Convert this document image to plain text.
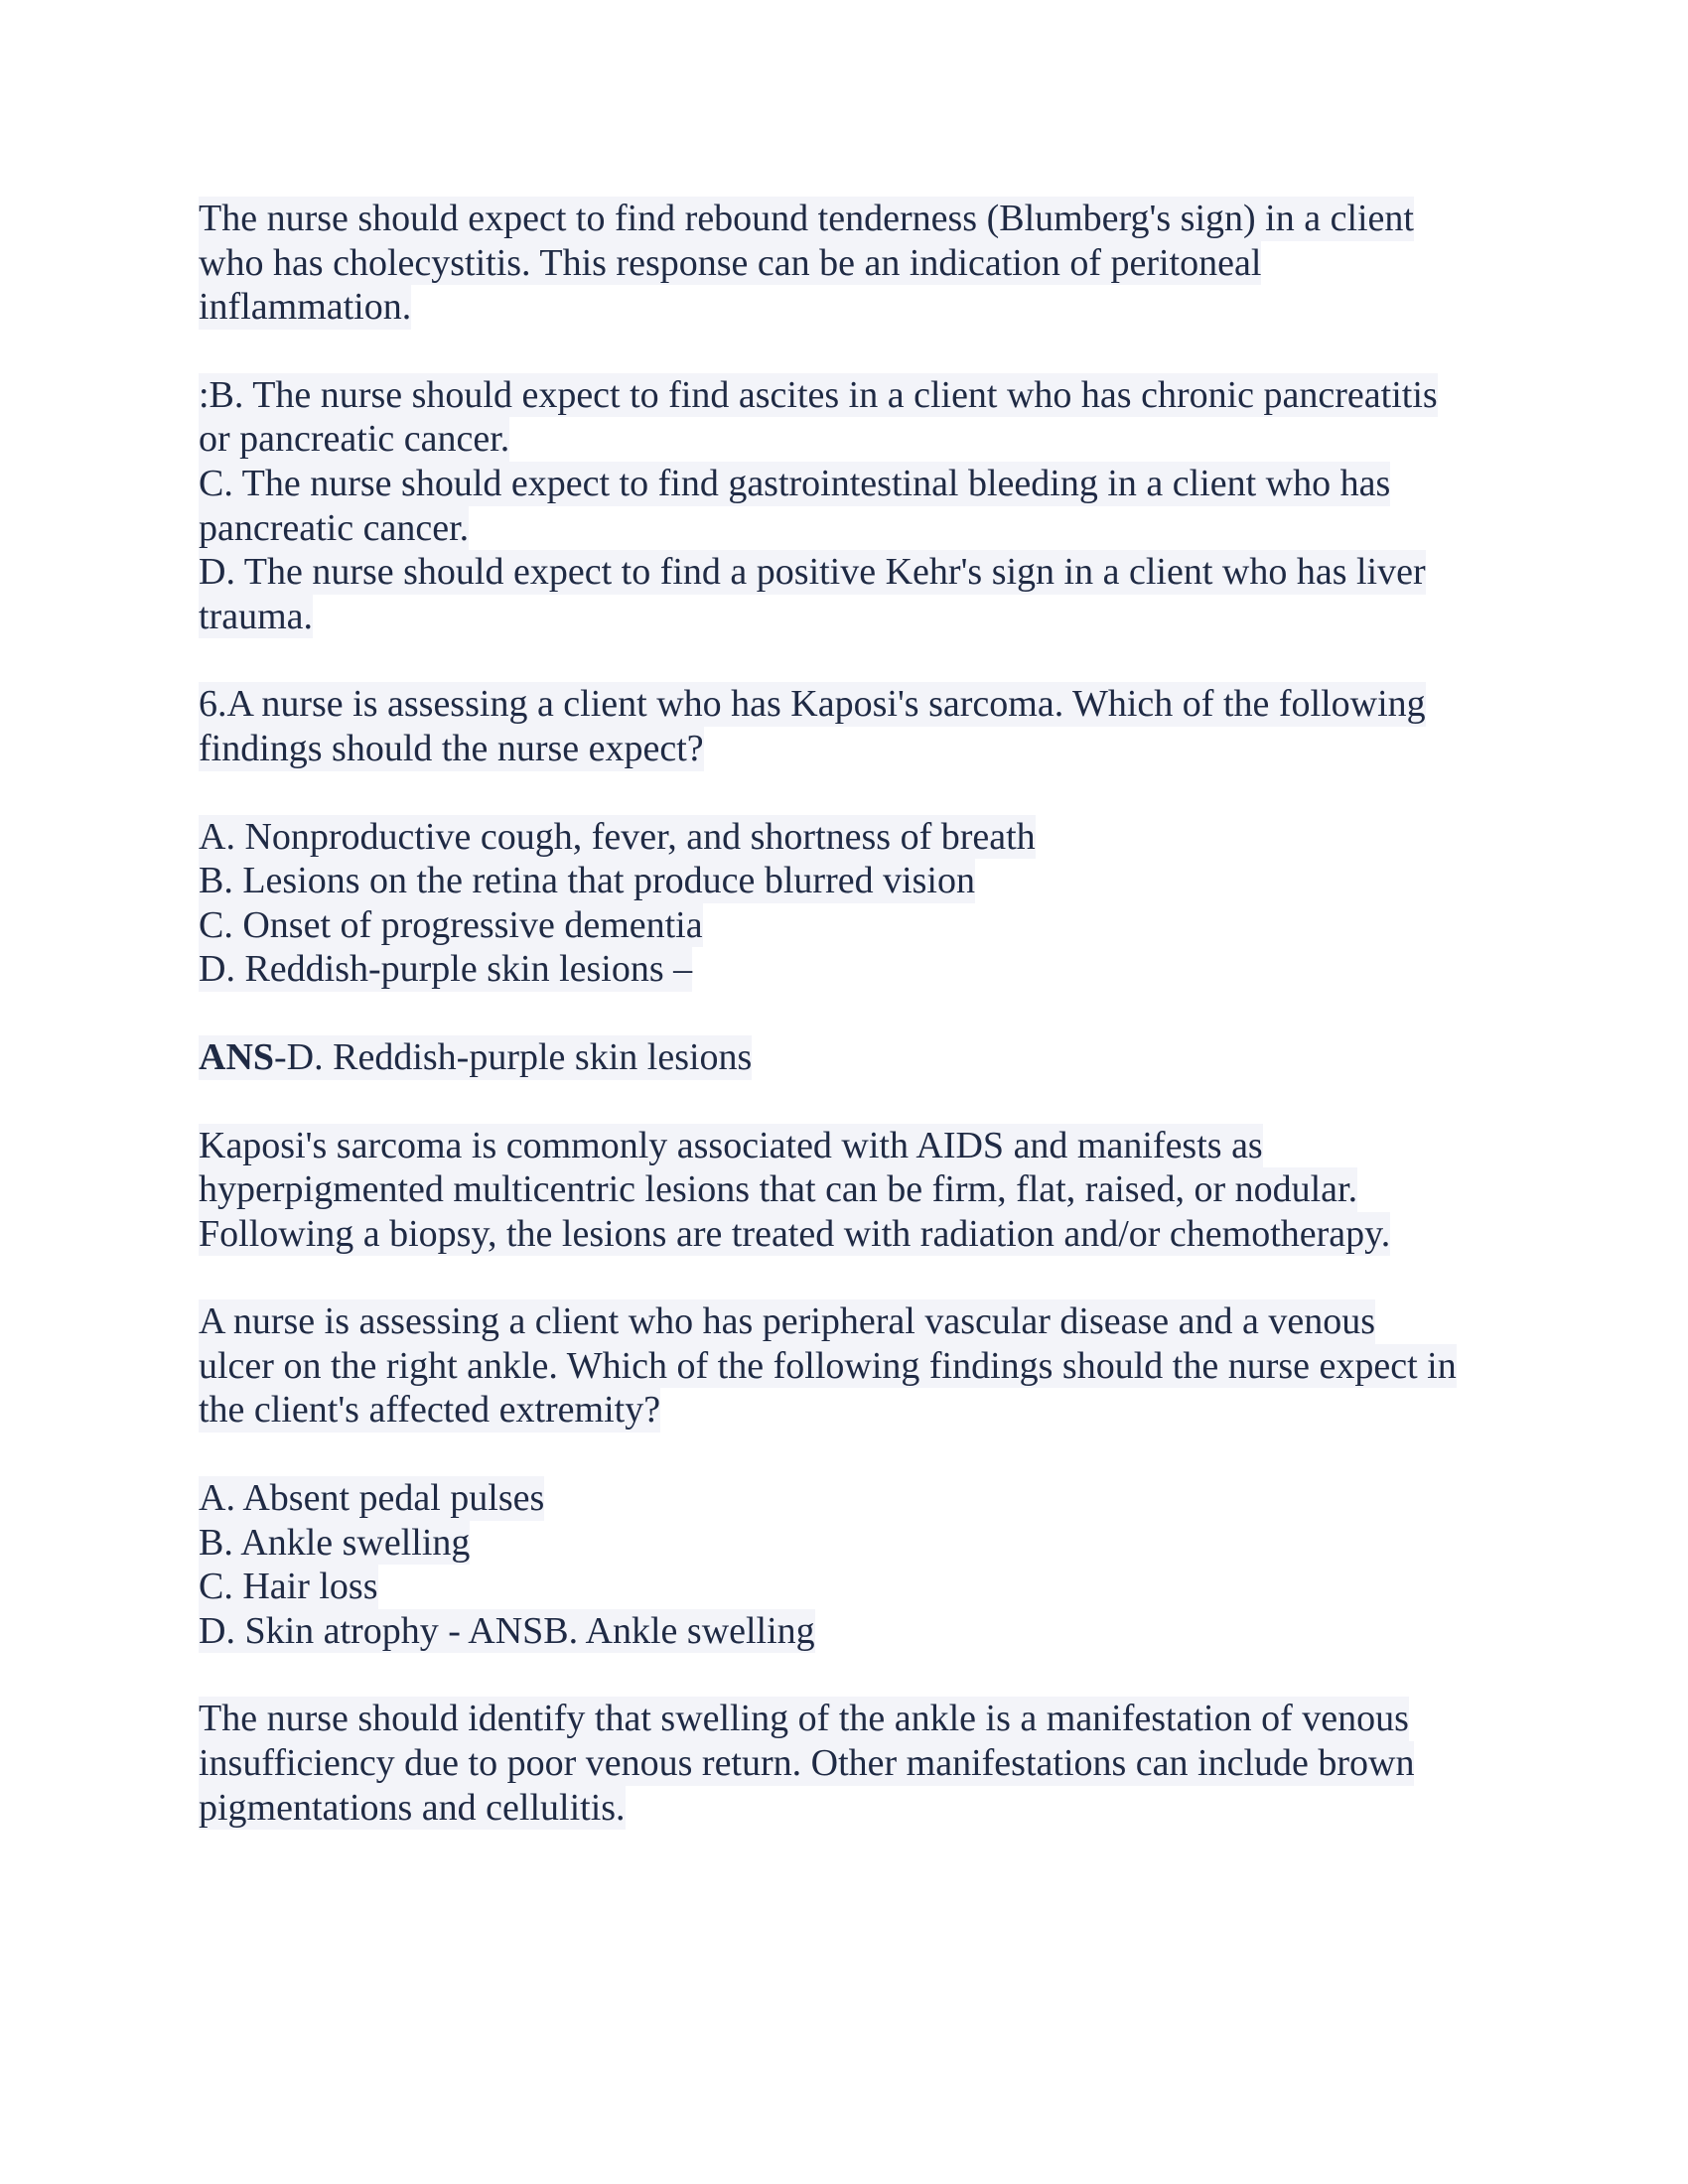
The nurse should expect to find rebound tenderness (Blumberg's sign) in a client
who has cholecystitis. This response can be an indication of peritoneal
inflammation.
:B. The nurse should expect to find ascites in a client who has chronic pancreatitis
or pancreatic cancer.
C. The nurse should expect to find gastrointestinal bleeding in a client who has
pancreatic cancer.
D. The nurse should expect to find a positive Kehr's sign in a client who has liver
trauma.
6.A nurse is assessing a client who has Kaposi's sarcoma. Which of the following
findings should the nurse expect?
A. Nonproductive cough, fever, and shortness of breath
B. Lesions on the retina that produce blurred vision
C. Onset of progressive dementia
D. Reddish-purple skin lesions –
ANS-D. Reddish-purple skin lesions
Kaposi's sarcoma is commonly associated with AIDS and manifests as
hyperpigmented multicentric lesions that can be firm, flat, raised, or nodular.
Following a biopsy, the lesions are treated with radiation and/or chemotherapy.
A nurse is assessing a client who has peripheral vascular disease and a venous
ulcer on the right ankle. Which of the following findings should the nurse expect in
the client's affected extremity?
A. Absent pedal pulses
B. Ankle swelling
C. Hair loss
D. Skin atrophy - ANSB. Ankle swelling
The nurse should identify that swelling of the ankle is a manifestation of venous
insufficiency due to poor venous return. Other manifestations can include brown
pigmentations and cellulitis.
